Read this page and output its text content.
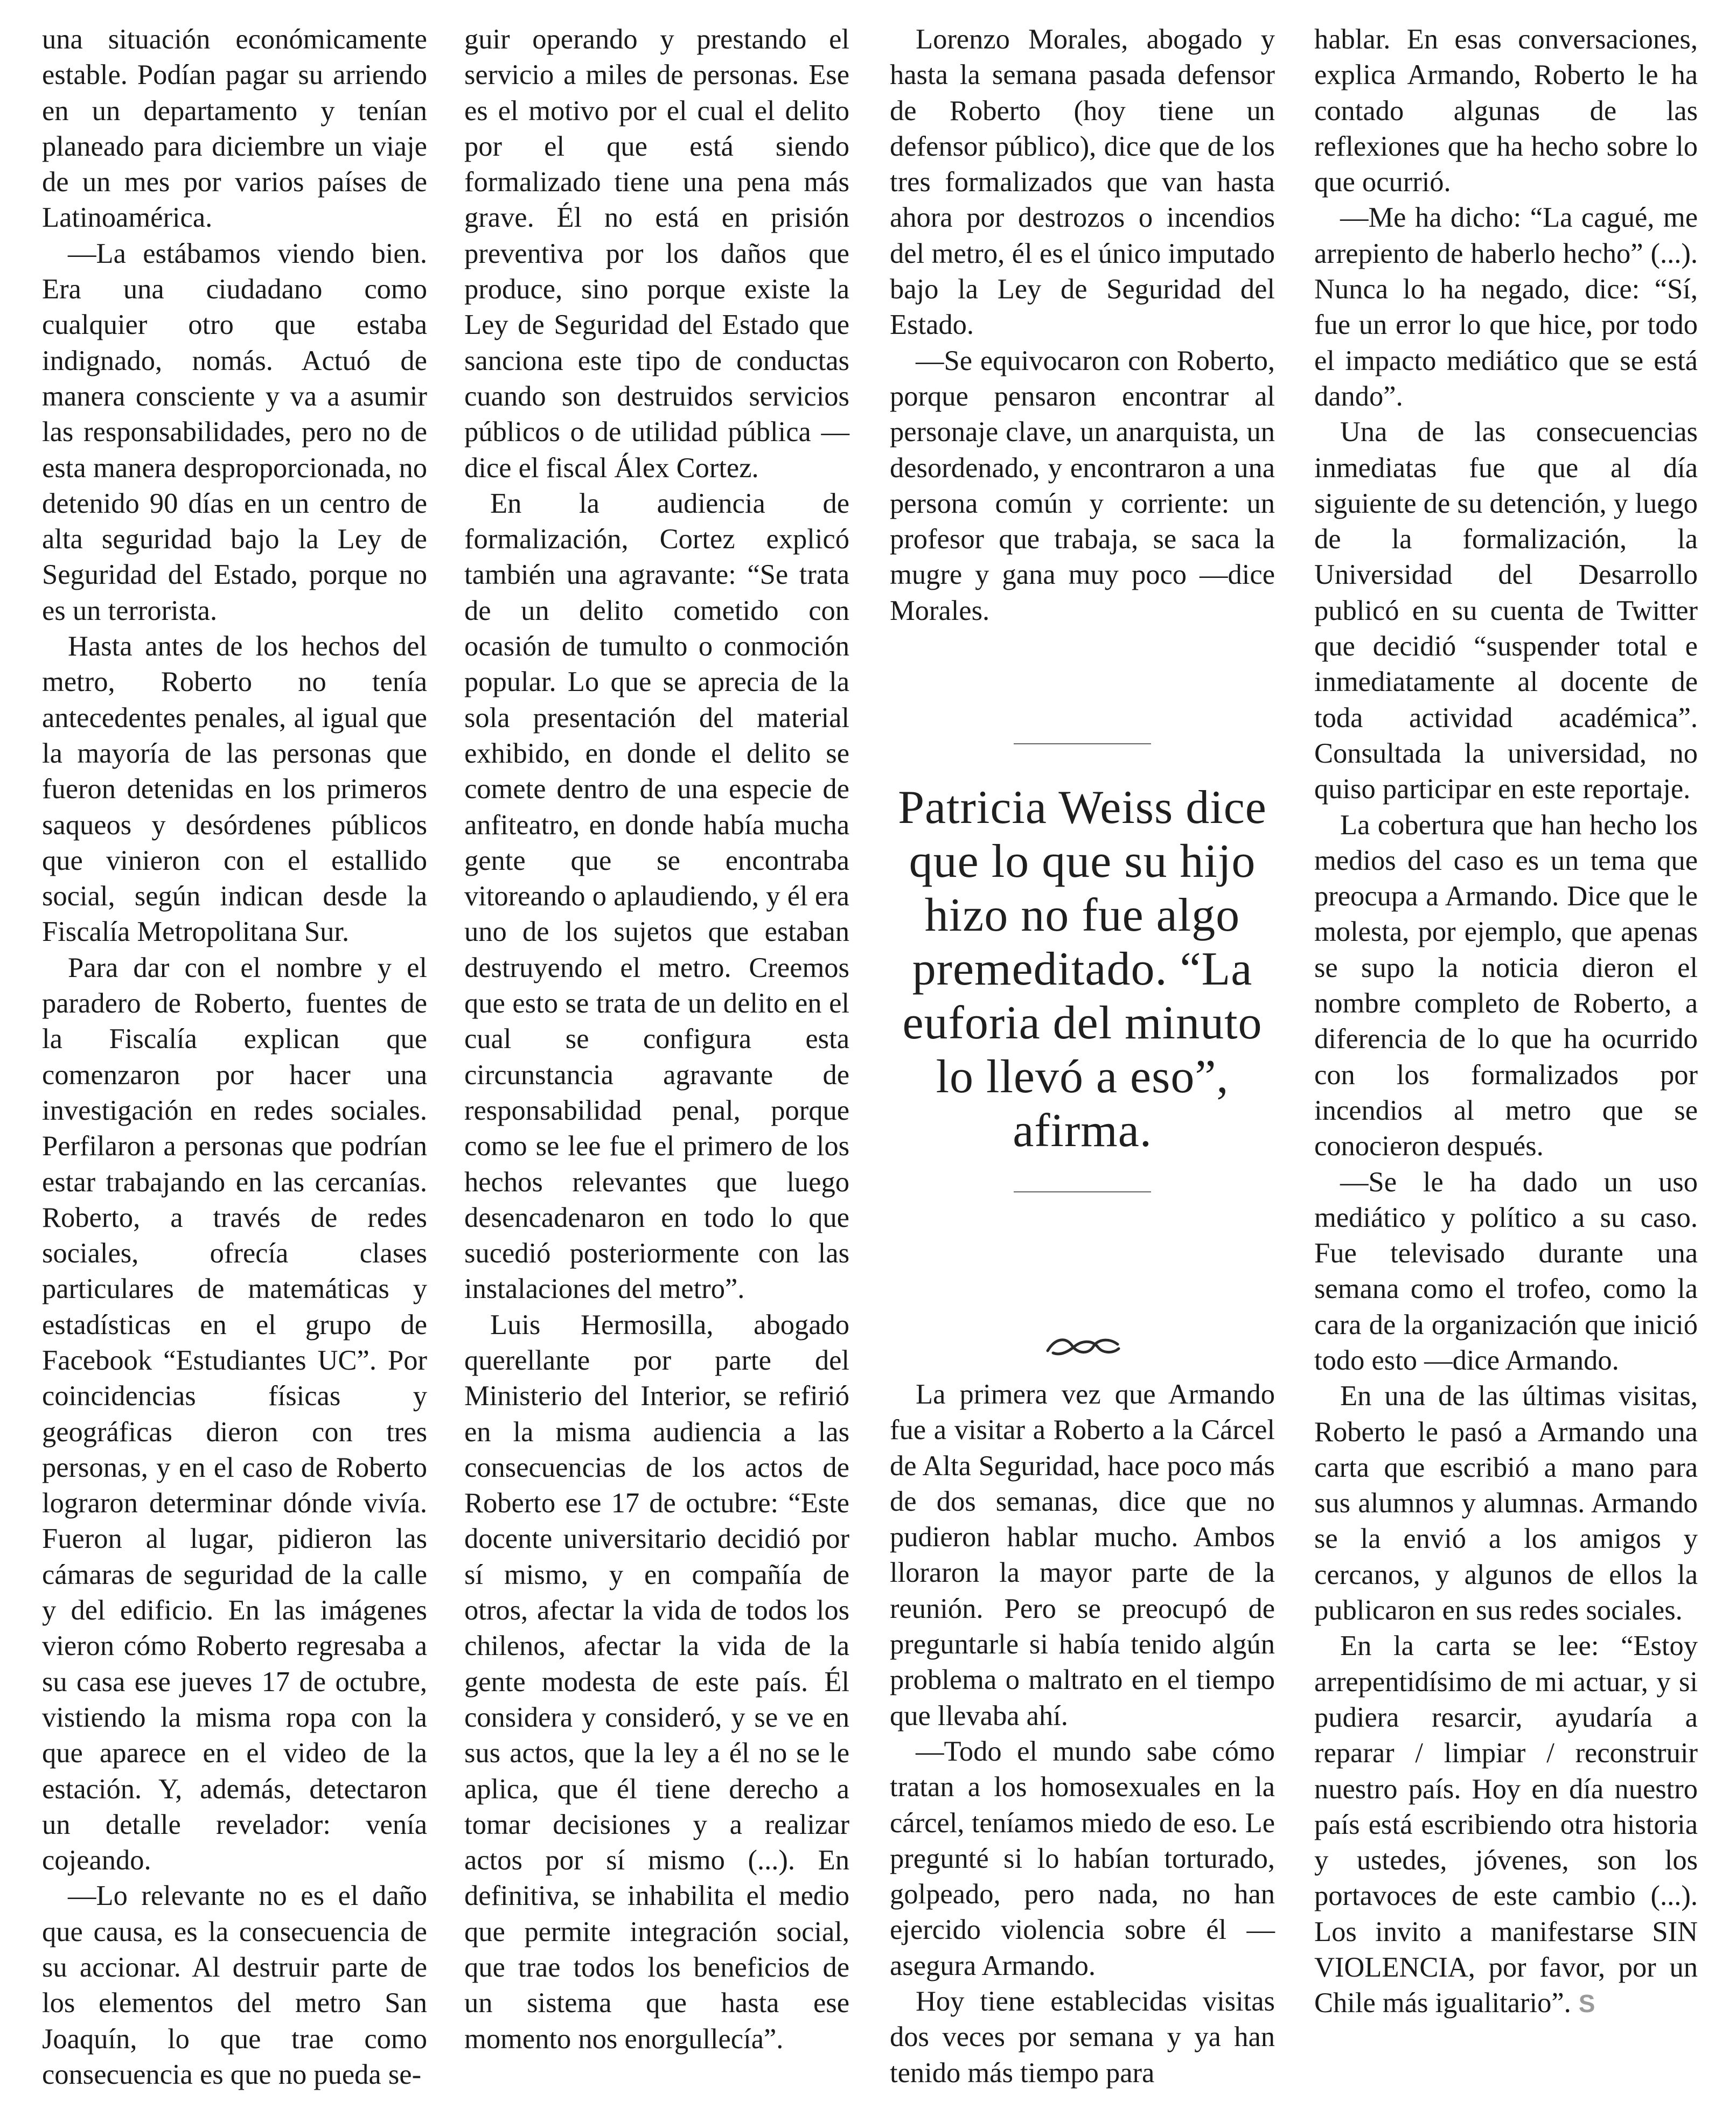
una situación económicamente estable. Podían pagar su arriendo en un departamento y tenían planeado para diciembre un viaje de un mes por varios países de Latinoamérica.

—La estábamos viendo bien. Era una ciudadano como cualquier otro que estaba indignado, nomás. Actuó de manera consciente y va a asumir las responsabilidades, pero no de esta manera desproporcionada, no detenido 90 días en un centro de alta seguridad bajo la Ley de Seguridad del Estado, porque no es un terrorista.

Hasta antes de los hechos del metro, Roberto no tenía antecedentes penales, al igual que la mayoría de las personas que fueron detenidas en los primeros saqueos y desórdenes públicos que vinieron con el estallido social, según indican desde la Fiscalía Metropolitana Sur.

Para dar con el nombre y el paradero de Roberto, fuentes de la Fiscalía explican que comenzaron por hacer una investigación en redes sociales. Perfilaron a personas que podrían estar trabajando en las cercanías. Roberto, a través de redes sociales, ofrecía clases particulares de matemáticas y estadísticas en el grupo de Facebook “Estudiantes UC”. Por coincidencias físicas y geográficas dieron con tres personas, y en el caso de Roberto lograron determinar dónde vivía. Fueron al lugar, pidieron las cámaras de seguridad de la calle y del edificio. En las imágenes vieron cómo Roberto regresaba a su casa ese jueves 17 de octubre, vistiendo la misma ropa con la que aparece en el video de la estación. Y, además, detectaron un detalle revelador: venía cojeando.

—Lo relevante no es el daño que causa, es la consecuencia de su accionar. Al destruir parte de los elementos del metro San Joaquín, lo que trae como consecuencia es que no pueda se-

guir operando y prestando el servicio a miles de personas. Ese es el motivo por el cual el delito por el que está siendo formalizado tiene una pena más grave. Él no está en prisión preventiva por los daños que produce, sino porque existe la Ley de Seguridad del Estado que sanciona este tipo de conductas cuando son destruidos servicios públicos o de utilidad pública —dice el fiscal Álex Cortez.

En la audiencia de formalización, Cortez explicó también una agravante: “Se trata de un delito cometido con ocasión de tumulto o conmoción popular. Lo que se aprecia de la sola presentación del material exhibido, en donde el delito se comete dentro de una especie de anfiteatro, en donde había mucha gente que se encontraba vitoreando o aplaudiendo, y él era uno de los sujetos que estaban destruyendo el metro. Creemos que esto se trata de un delito en el cual se configura esta circunstancia agravante de responsabilidad penal, porque como se lee fue el primero de los hechos relevantes que luego desencadenaron en todo lo que sucedió posteriormente con las instalaciones del metro”.

Luis Hermosilla, abogado querellante por parte del Ministerio del Interior, se refirió en la misma audiencia a las consecuencias de los actos de Roberto ese 17 de octubre: “Este docente universitario decidió por sí mismo, y en compañía de otros, afectar la vida de todos los chilenos, afectar la vida de la gente modesta de este país. Él considera y consideró, y se ve en sus actos, que la ley a él no se le aplica, que él tiene derecho a tomar decisiones y a realizar actos por sí mismo (...). En definitiva, se inhabilita el medio que permite integración social, que trae todos los beneficios de un sistema que hasta ese momento nos enorgullecía”.

Lorenzo Morales, abogado y hasta la semana pasada defensor de Roberto (hoy tiene un defensor público), dice que de los tres formalizados que van hasta ahora por destrozos o incendios del metro, él es el único imputado bajo la Ley de Seguridad del Estado.

—Se equivocaron con Roberto, porque pensaron encontrar al personaje clave, un anarquista, un desordenado, y encontraron a una persona común y corriente: un profesor que trabaja, se saca la mugre y gana muy poco —dice Morales.

Patricia Weiss dice que lo que su hijo hizo no fue algo premeditado. “La euforia del minuto lo llevó a eso”, afirma.

La primera vez que Armando fue a visitar a Roberto a la Cárcel de Alta Seguridad, hace poco más de dos semanas, dice que no pudieron hablar mucho. Ambos lloraron la mayor parte de la reunión. Pero se preocupó de preguntarle si había tenido algún problema o maltrato en el tiempo que llevaba ahí.

—Todo el mundo sabe cómo tratan a los homosexuales en la cárcel, teníamos miedo de eso. Le pregunté si lo habían torturado, golpeado, pero nada, no han ejercido violencia sobre él —asegura Armando.

Hoy tiene establecidas visitas dos veces por semana y ya han tenido más tiempo para

hablar. En esas conversaciones, explica Armando, Roberto le ha contado algunas de las reflexiones que ha hecho sobre lo que ocurrió.

—Me ha dicho: “La cagué, me arrepiento de haberlo hecho” (...). Nunca lo ha negado, dice: “Sí, fue un error lo que hice, por todo el impacto mediático que se está dando”.

Una de las consecuencias inmediatas fue que al día siguiente de su detención, y luego de la formalización, la Universidad del Desarrollo publicó en su cuenta de Twitter que decidió “suspender total e inmediatamente al docente de toda actividad académica”. Consultada la universidad, no quiso participar en este reportaje.

La cobertura que han hecho los medios del caso es un tema que preocupa a Armando. Dice que le molesta, por ejemplo, que apenas se supo la noticia dieron el nombre completo de Roberto, a diferencia de lo que ha ocurrido con los formalizados por incendios al metro que se conocieron después.

—Se le ha dado un uso mediático y político a su caso. Fue televisado durante una semana como el trofeo, como la cara de la organización que inició todo esto —dice Armando.

En una de las últimas visitas, Roberto le pasó a Armando una carta que escribió a mano para sus alumnos y alumnas. Armando se la envió a los amigos y cercanos, y algunos de ellos la publicaron en sus redes sociales.

En la carta se lee: “Estoy arrepentidísimo de mi actuar, y si pudiera resarcir, ayudaría a reparar / limpiar / reconstruir nuestro país. Hoy en día nuestro país está escribiendo otra historia y ustedes, jóvenes, son los portavoces de este cambio (...). Los invito a manifestarse SIN VIOLENCIA, por favor, por un Chile más igualitario”. S
